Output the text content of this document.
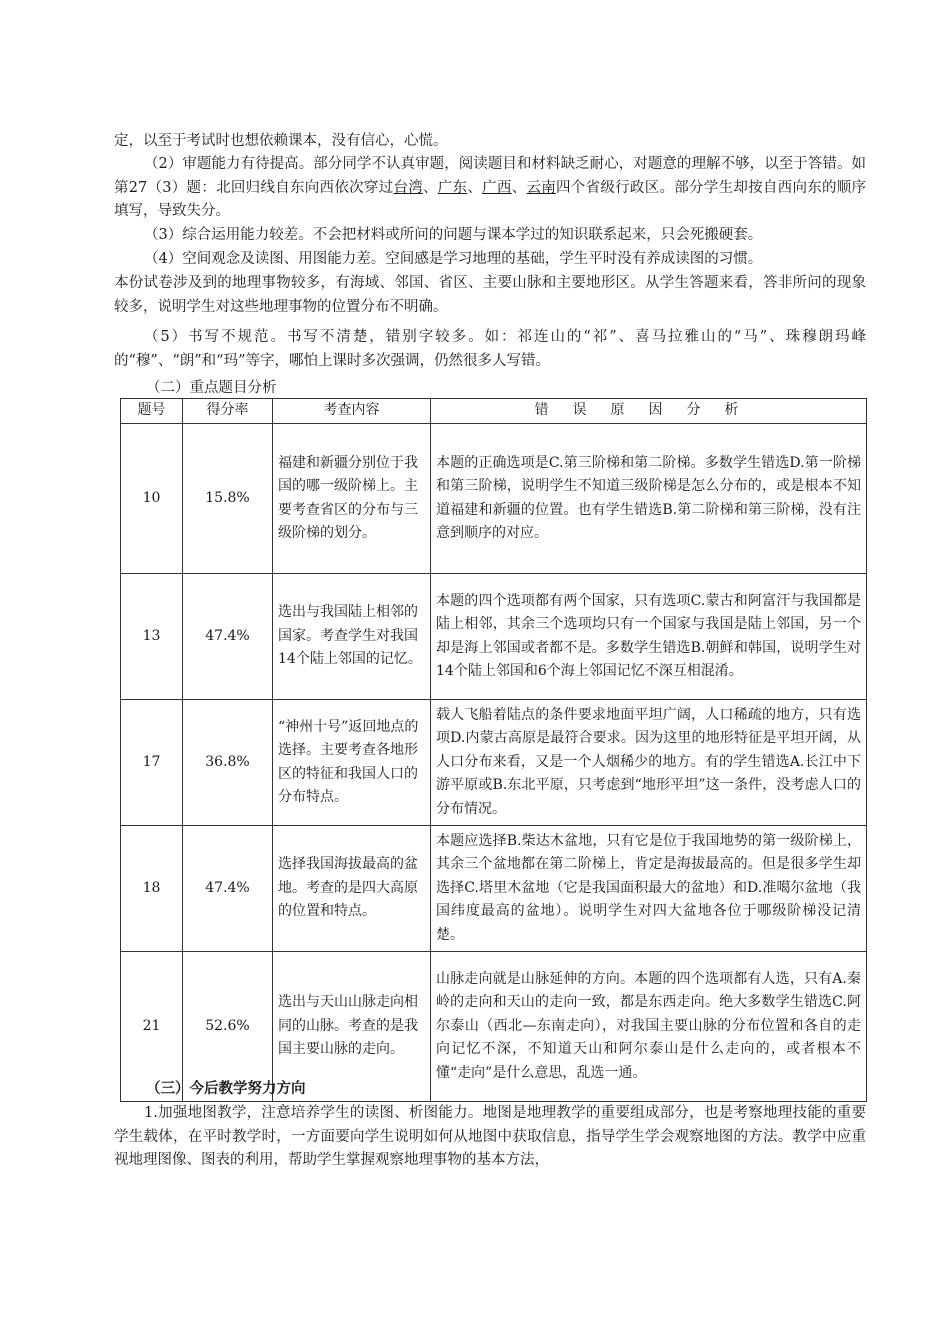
定，以至于考试时也想依赖课本，没有信心，心慌。

（2）审题能力有待提高。部分同学不认真审题，阅读题目和材料缺乏耐心，对题意的理解不够，以至于答错。如第27（3）题：北回归线自东向西依次穿过台湾、广东、广西、云南四个省级行政区。部分学生却按自西向东的顺序填写，导致失分。

（3）综合运用能力较差。不会把材料或所问的问题与课本学过的知识联系起来，只会死搬硬套。

（4）空间观念及读图、用图能力差。空间感是学习地理的基础，学生平时没有养成读图的习惯。

本份试卷涉及到的地理事物较多，有海域、邻国、省区、主要山脉和主要地形区。从学生答题来看，答非所问的现象较多，说明学生对这些地理事物的位置分布不明确。

（5）书写不规范。书写不清楚，错别字较多。如：祁连山的“祁”、喜马拉雅山的“马”、珠穆朗玛峰的“穆”、“朗”和“玛”等字，哪怕上课时多次强调，仍然很多人写错。

（二）重点题目分析

题号	得分率	考查内容	错误原因分析
10	15.8%	福建和新疆分别位于我国的哪一级阶梯上。主要考查省区的分布与三级阶梯的划分。	本题的正确选项是C.第三阶梯和第二阶梯。多数学生错选D.第一阶梯和第三阶梯，说明学生不知道三级阶梯是怎么分布的，或是根本不知道福建和新疆的位置。也有学生错选B.第二阶梯和第三阶梯，没有注意到顺序的对应。
13	47.4%	选出与我国陆上相邻的国家。考查学生对我国14个陆上邻国的记忆。	本题的四个选项都有两个国家，只有选项C.蒙古和阿富汗与我国都是陆上相邻，其余三个选项均只有一个国家与我国是陆上邻国，另一个却是海上邻国或者都不是。多数学生错选B.朝鲜和韩国，说明学生对14个陆上邻国和6个海上邻国记忆不深互相混淆。
17	36.8%	“神州十号”返回地点的选择。主要考查各地形区的特征和我国人口的分布特点。	载人飞船着陆点的条件要求地面平坦广阔，人口稀疏的地方，只有选项D.内蒙古高原是最符合要求。因为这里的地形特征是平坦开阔，从人口分布来看，又是一个人烟稀少的地方。有的学生错选A.长江中下游平原或B.东北平原，只考虑到“地形平坦”这一条件，没考虑人口的分布情况。
18	47.4%	选择我国海拔最高的盆地。考查的是四大高原的位置和特点。	本题应选择B.柴达木盆地，只有它是位于我国地势的第一级阶梯上，其余三个盆地都在第二阶梯上，肯定是海拔最高的。但是很多学生却选择C.塔里木盆地（它是我国面积最大的盆地）和D.准噶尔盆地（我国纬度最高的盆地）。说明学生对四大盆地各位于哪级阶梯没记清楚。
21	52.6%	选出与天山山脉走向相同的山脉。考查的是我国主要山脉的走向。	山脉走向就是山脉延伸的方向。本题的四个选项都有人选，只有A.秦岭的走向和天山的走向一致，都是东西走向。绝大多数学生错选C.阿尔泰山（西北—东南走向），对我国主要山脉的分布位置和各自的走向记忆不深，不知道天山和阿尔泰山是什么走向的，或者根本不懂“走向”是什么意思，乱选一通。

（三）今后教学努力方向

1.加强地图教学，注意培养学生的读图、析图能力。地图是地理教学的重要组成部分，也是考察地理技能的重要学生载体，在平时教学时，一方面要向学生说明如何从地图中获取信息，指导学生学会观察地图的方法。教学中应重视地理图像、图表的利用，帮助学生掌握观察地理事物的基本方法，
